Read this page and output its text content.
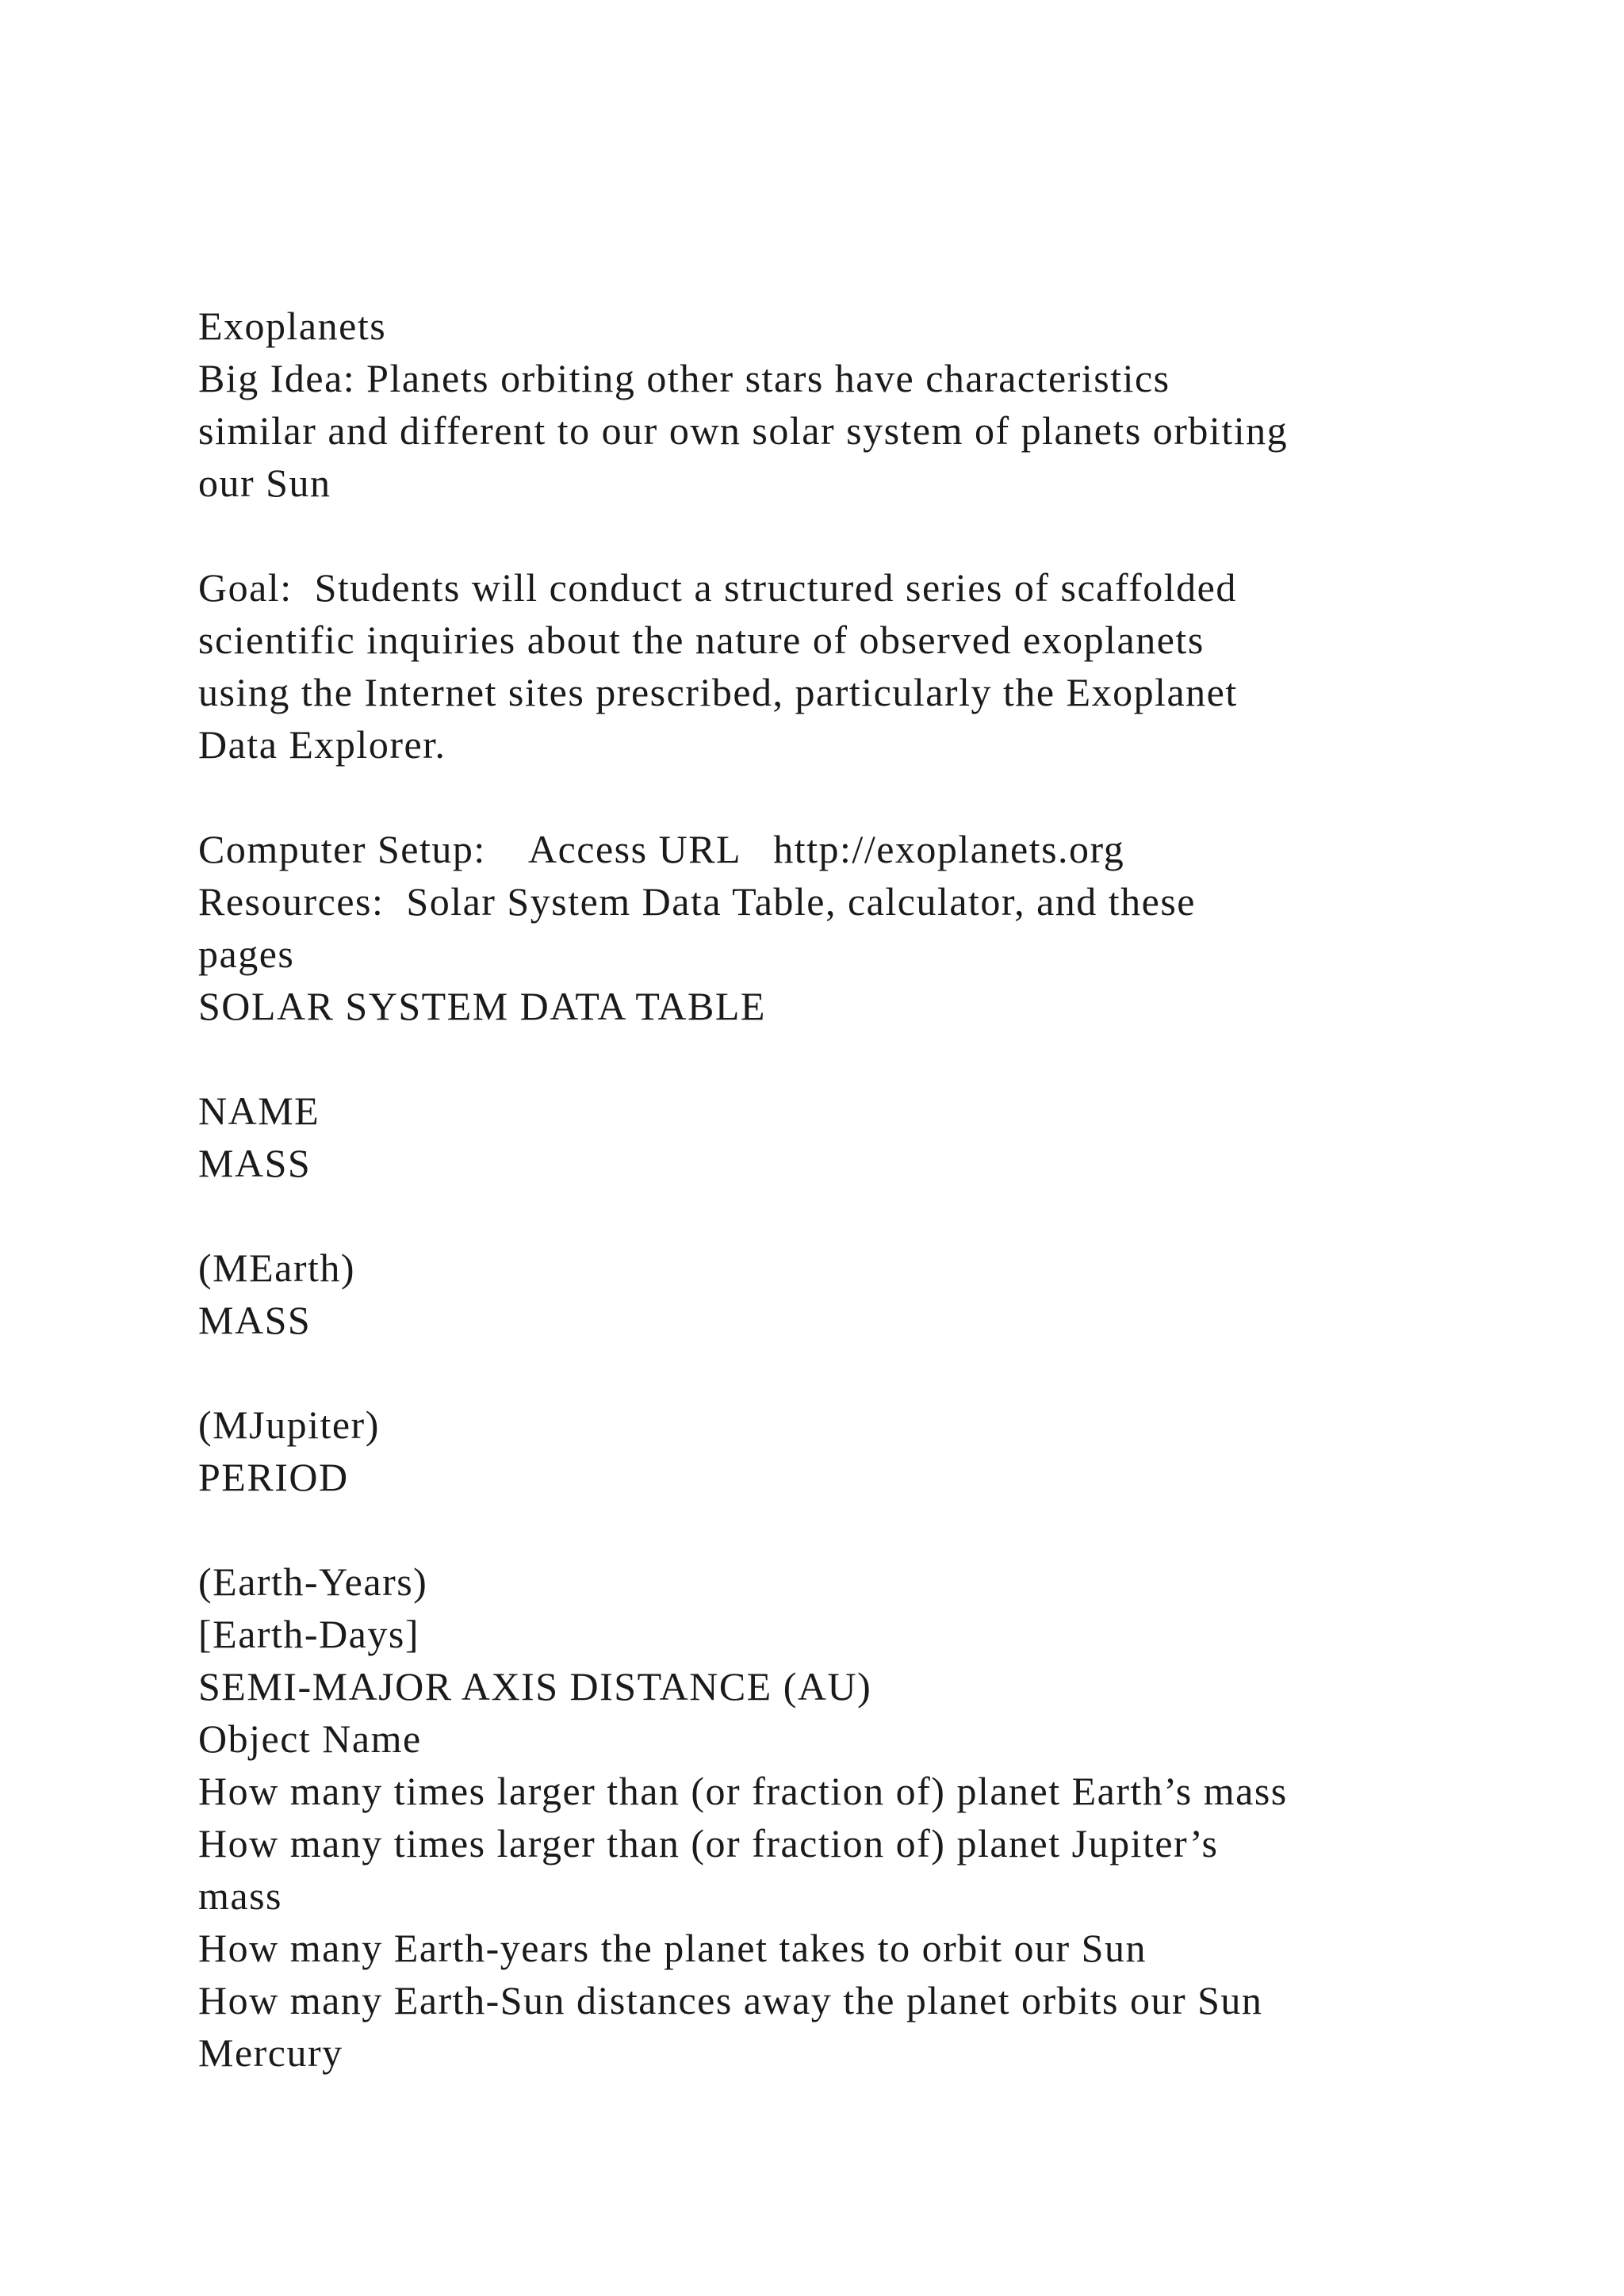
Exoplanets
Big Idea: Planets orbiting other stars have characteristics
similar and different to our own solar system of planets orbiting
our Sun
Goal:  Students will conduct a structured series of scaffolded
scientific inquiries about the nature of observed exoplanets
using the Internet sites prescribed, particularly the Exoplanet
Data Explorer.
Computer Setup:    Access URL   http://exoplanets.org
Resources:  Solar System Data Table, calculator, and these
pages
SOLAR SYSTEM DATA TABLE
NAME
MASS
(MEarth)
MASS
(MJupiter)
PERIOD
(Earth-Years)
[Earth-Days]
SEMI-MAJOR AXIS DISTANCE (AU)
Object Name
How many times larger than (or fraction of) planet Earth’s mass
How many times larger than (or fraction of) planet Jupiter’s
mass
How many Earth-years the planet takes to orbit our Sun
How many Earth-Sun distances away the planet orbits our Sun
Mercury
